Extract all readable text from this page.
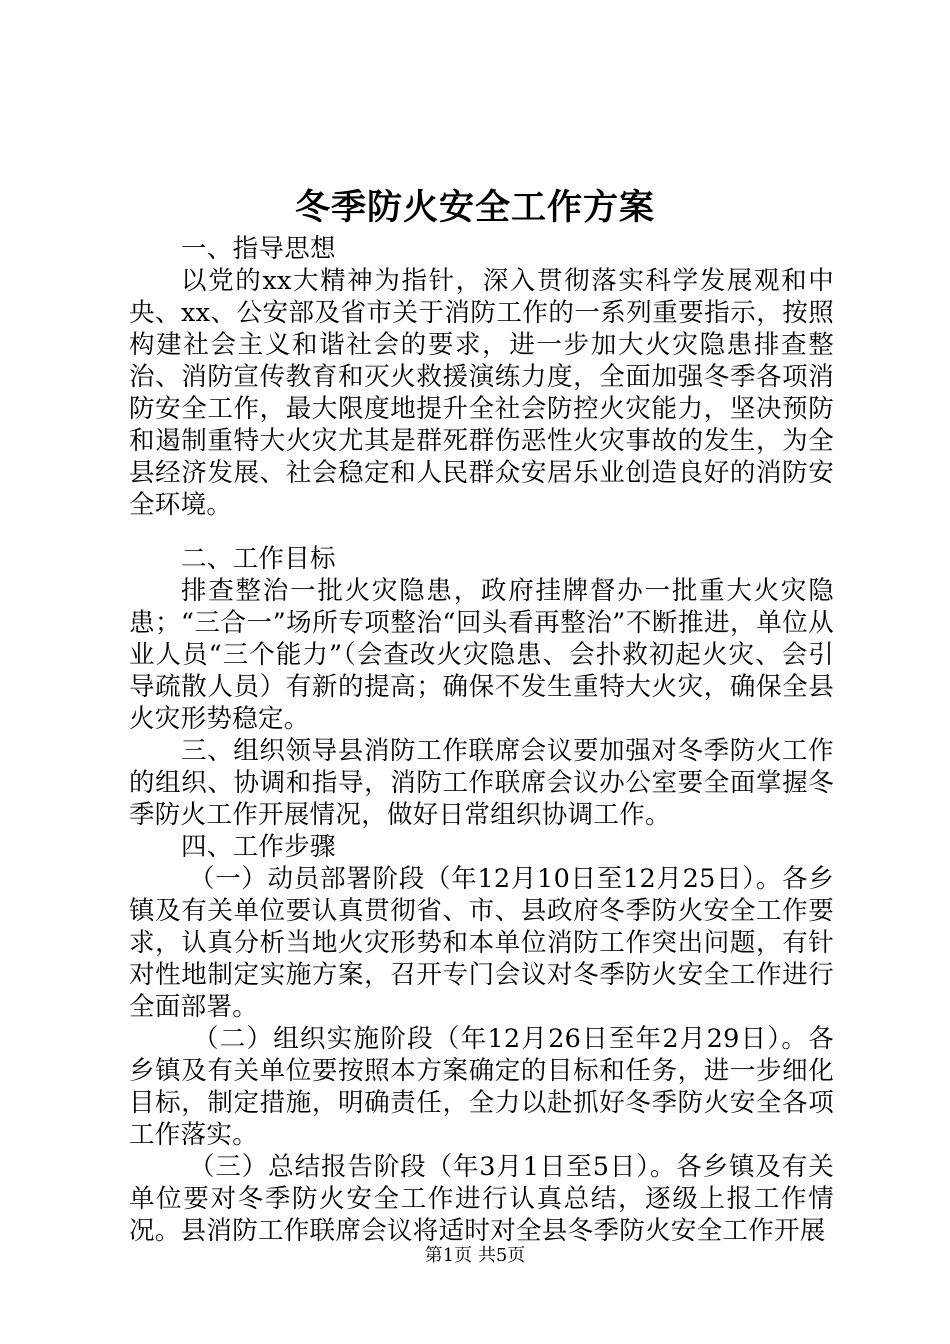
冬季防火安全工作方案

一、指导思想

以党的xx大精神为指针，深入贯彻落实科学发展观和中央、xx、公安部及省市关于消防工作的一系列重要指示，按照构建社会主义和谐社会的要求，进一步加大火灾隐患排查整治、消防宣传教育和灭火救援演练力度，全面加强冬季各项消防安全工作，最大限度地提升全社会防控火灾能力，坚决预防和遏制重特大火灾尤其是群死群伤恶性火灾事故的发生，为全县经济发展、社会稳定和人民群众安居乐业创造良好的消防安全环境。

二、工作目标

排查整治一批火灾隐患，政府挂牌督办一批重大火灾隐患；“三合一”场所专项整治“回头看再整治”不断推进，单位从业人员“三个能力”（会查改火灾隐患、会扑救初起火灾、会引导疏散人员）有新的提高；确保不发生重特大火灾，确保全县火灾形势稳定。

三、组织领导县消防工作联席会议要加强对冬季防火工作的组织、协调和指导，消防工作联席会议办公室要全面掌握冬季防火工作开展情况，做好日常组织协调工作。

四、工作步骤

（一）动员部署阶段（年12月10日至12月25日）。各乡镇及有关单位要认真贯彻省、市、县政府冬季防火安全工作要求，认真分析当地火灾形势和本单位消防工作突出问题，有针对性地制定实施方案，召开专门会议对冬季防火安全工作进行全面部署。

（二）组织实施阶段（年12月26日至年2月29日）。各乡镇及有关单位要按照本方案确定的目标和任务，进一步细化目标，制定措施，明确责任，全力以赴抓好冬季防火安全各项工作落实。

（三）总结报告阶段（年3月1日至5日）。各乡镇及有关单位要对冬季防火安全工作进行认真总结，逐级上报工作情况。县消防工作联席会议将适时对全县冬季防火安全工作开展

第1页 共5页
